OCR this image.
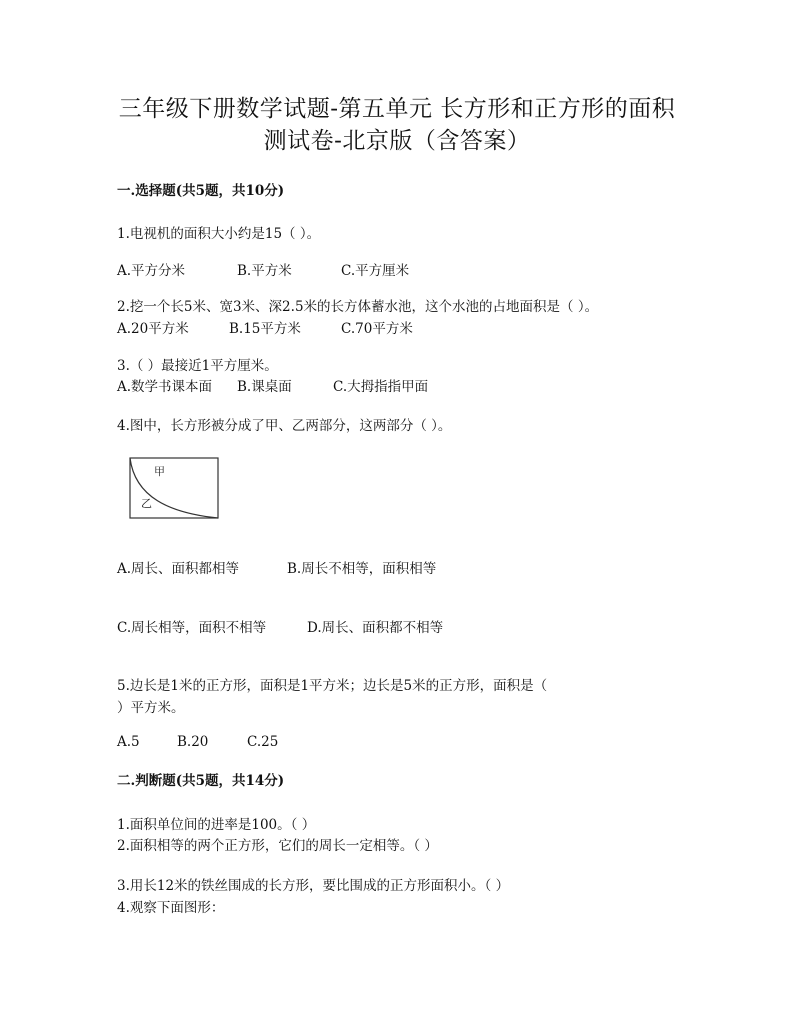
三年级下册数学试题-第五单元 长方形和正方形的面积
测试卷-北京版（含答案）
一.选择题(共5题，共10分)
1.电视机的面积大小约是15（ ）。
A.平方分米	B.平方米	C.平方厘米
2.挖一个长5米、宽3米、深2.5米的长方体蓄水池，这个水池的占地面积是（ ）。
A.20平方米	B.15平方米	C.70平方米
3.（ ）最接近1平方厘米。
A.数学书课本面 B.课桌面	C.大拇指指甲面
4.图中，长方形被分成了甲、乙两部分，这两部分（ ）。
甲
乙
A.周长、面积都相等	B.周长不相等，面积相等
C.周长相等，面积不相等	D.周长、面积都不相等
5.边长是1米的正方形，面积是1平方米；边长是5米的正方形，面积是（
）平方米。
A.5	B.20	C.25
二.判断题(共5题，共14分)
1.面积单位间的进率是100。（ ）
2.面积相等的两个正方形，它们的周长一定相等。（ ）
3.用长12米的铁丝围成的长方形，要比围成的正方形面积小。（ ）
4.观察下面图形：
